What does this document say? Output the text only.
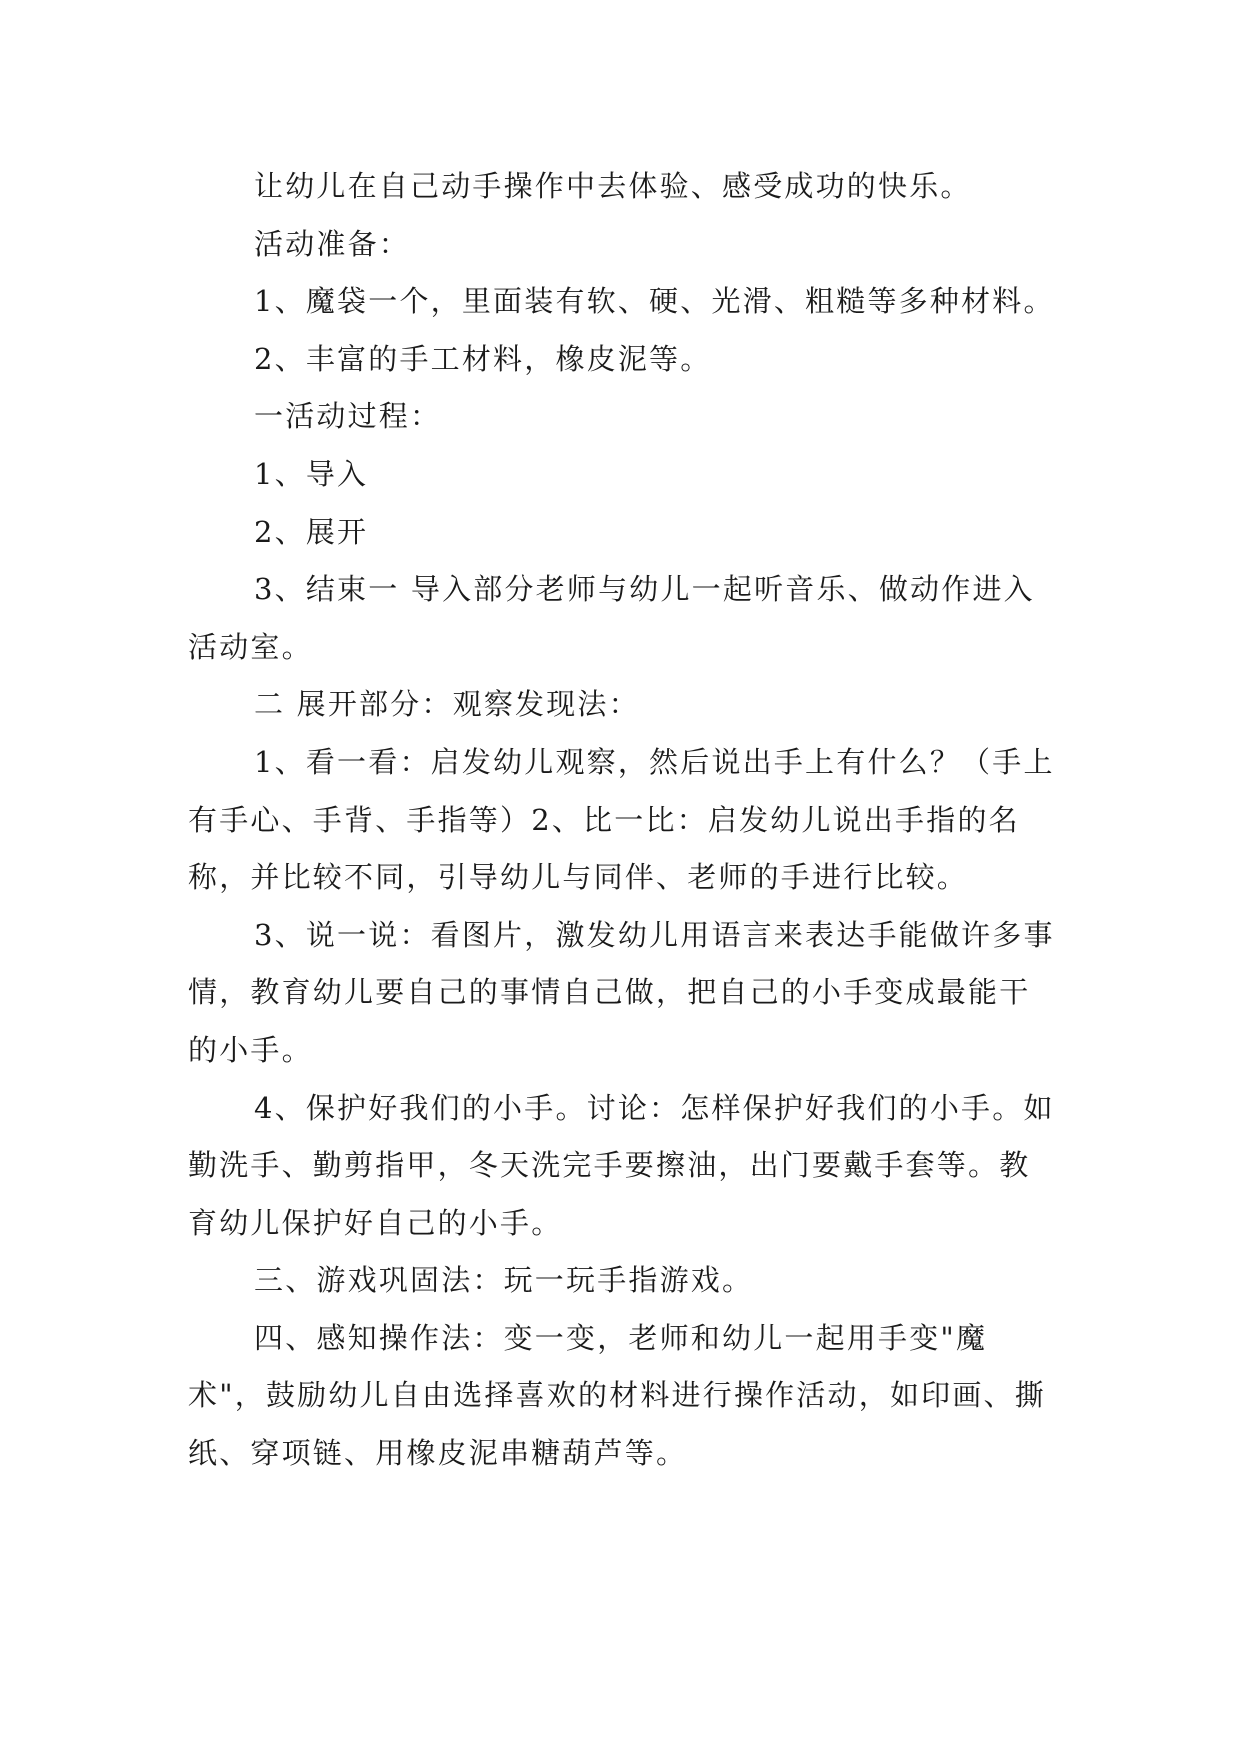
让幼儿在自己动手操作中去体验、感受成功的快乐。

活动准备：

1、魔袋一个，里面装有软、硬、光滑、粗糙等多种材料。

2、丰富的手工材料，橡皮泥等。

一活动过程：

1、导入

2、展开

3、结束一 导入部分老师与幼儿一起听音乐、做动作进入活动室。

二 展开部分：观察发现法：

1、看一看：启发幼儿观察，然后说出手上有什么？（手上有手心、手背、手指等）2、比一比：启发幼儿说出手指的名称，并比较不同，引导幼儿与同伴、老师的手进行比较。

3、说一说：看图片，激发幼儿用语言来表达手能做许多事情，教育幼儿要自己的事情自己做，把自己的小手变成最能干的小手。

4、保护好我们的小手。讨论：怎样保护好我们的小手。如勤洗手、勤剪指甲，冬天洗完手要擦油，出门要戴手套等。教育幼儿保护好自己的小手。

三、游戏巩固法：玩一玩手指游戏。

四、感知操作法：变一变，老师和幼儿一起用手变"魔术"，鼓励幼儿自由选择喜欢的材料进行操作活动，如印画、撕纸、穿项链、用橡皮泥串糖葫芦等。
